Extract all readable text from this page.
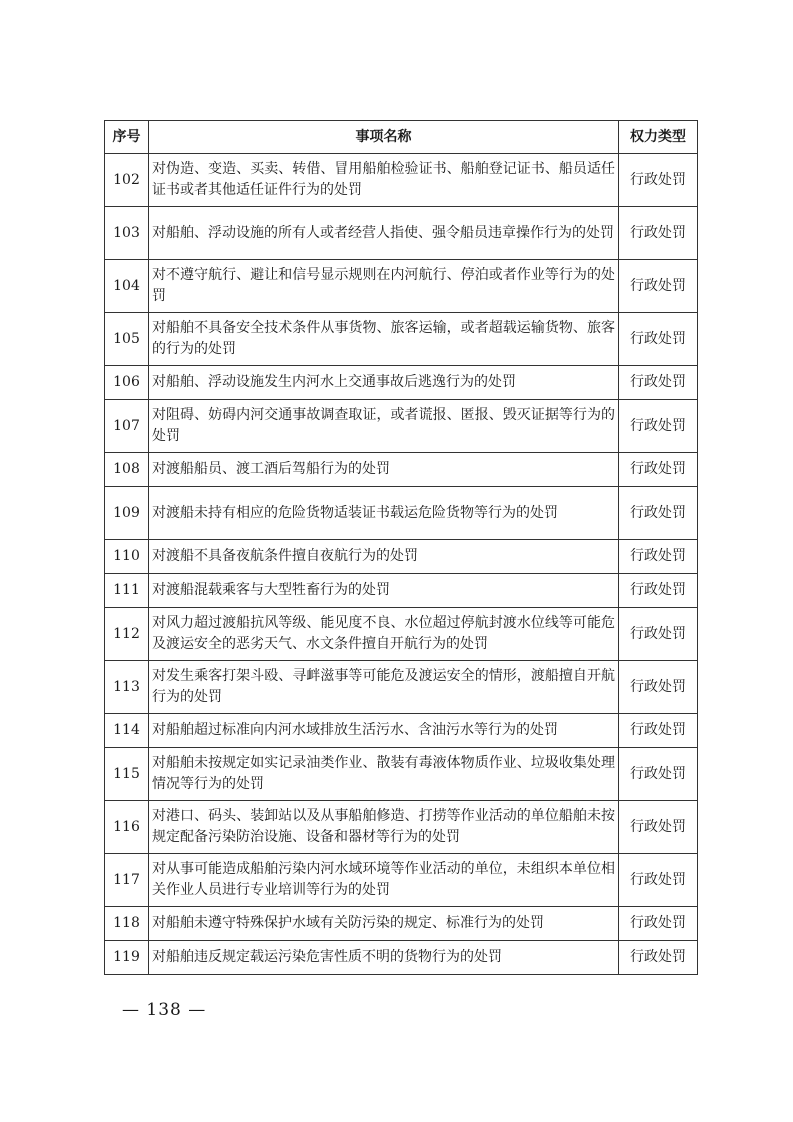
序号	事项名称	权力类型
102	对伪造、变造、买卖、转借、冒用船舶检验证书、船舶登记证书、船员适任证书或者其他适任证件行为的处罚	行政处罚
103	对船舶、浮动设施的所有人或者经营人指使、强令船员违章操作行为的处罚	行政处罚
104	对不遵守航行、避让和信号显示规则在内河航行、停泊或者作业等行为的处罚	行政处罚
105	对船舶不具备安全技术条件从事货物、旅客运输，或者超载运输货物、旅客的行为的处罚	行政处罚
106	对船舶、浮动设施发生内河水上交通事故后逃逸行为的处罚	行政处罚
107	对阻碍、妨碍内河交通事故调查取证，或者谎报、匿报、毁灭证据等行为的处罚	行政处罚
108	对渡船船员、渡工酒后驾船行为的处罚	行政处罚
109	对渡船未持有相应的危险货物适装证书载运危险货物等行为的处罚	行政处罚
110	对渡船不具备夜航条件擅自夜航行为的处罚	行政处罚
111	对渡船混载乘客与大型牲畜行为的处罚	行政处罚
112	对风力超过渡船抗风等级、能见度不良、水位超过停航封渡水位线等可能危及渡运安全的恶劣天气、水文条件擅自开航行为的处罚	行政处罚
113	对发生乘客打架斗殴、寻衅滋事等可能危及渡运安全的情形，渡船擅自开航行为的处罚	行政处罚
114	对船舶超过标准向内河水域排放生活污水、含油污水等行为的处罚	行政处罚
115	对船舶未按规定如实记录油类作业、散装有毒液体物质作业、垃圾收集处理情况等行为的处罚	行政处罚
116	对港口、码头、装卸站以及从事船舶修造、打捞等作业活动的单位船舶未按规定配备污染防治设施、设备和器材等行为的处罚	行政处罚
117	对从事可能造成船舶污染内河水域环境等作业活动的单位，未组织本单位相关作业人员进行专业培训等行为的处罚	行政处罚
118	对船舶未遵守特殊保护水域有关防污染的规定、标准行为的处罚	行政处罚
119	对船舶违反规定载运污染危害性质不明的货物行为的处罚	行政处罚
— 138 —
